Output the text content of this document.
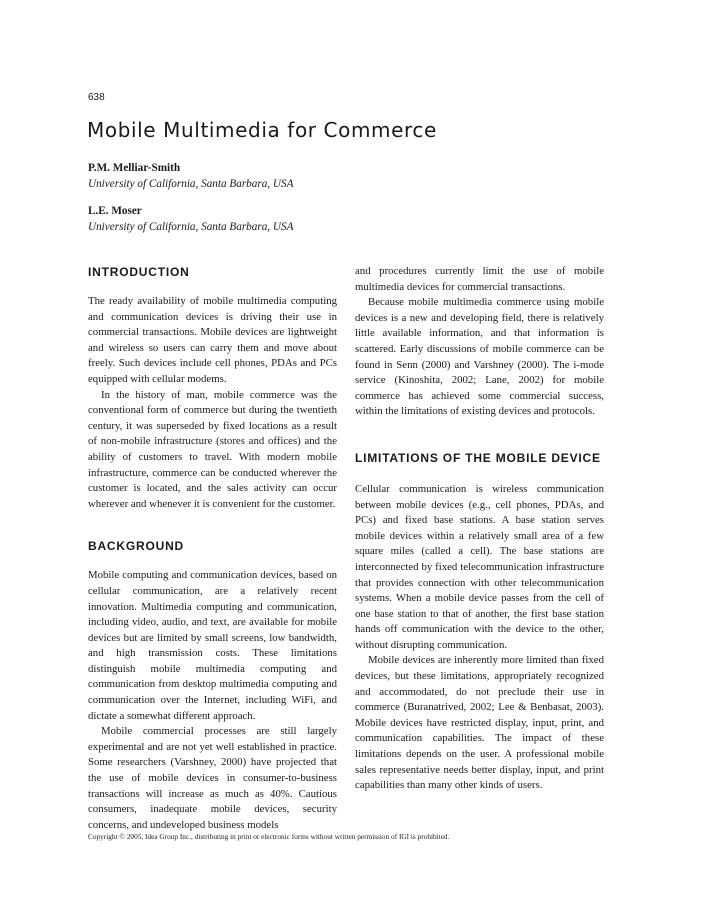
638
Mobile Multimedia for Commerce
P.M. Melliar-Smith
University of California, Santa Barbara, USA
L.E. Moser
University of California, Santa Barbara, USA
INTRODUCTION

The ready availability of mobile multimedia computing and communication devices is driving their use in commercial transactions. Mobile devices are lightweight and wireless so users can carry them and move about freely. Such devices include cell phones, PDAs and PCs equipped with cellular modems.

In the history of man, mobile commerce was the conventional form of commerce but during the twentieth century, it was superseded by fixed locations as a result of non-mobile infrastructure (stores and offices) and the ability of customers to travel. With modern mobile infrastructure, commerce can be conducted wherever the customer is located, and the sales activity can occur wherever and whenever it is convenient for the customer.

BACKGROUND

Mobile computing and communication devices, based on cellular communication, are a relatively recent innovation. Multimedia computing and communication, including video, audio, and text, are available for mobile devices but are limited by small screens, low bandwidth, and high transmission costs. These limitations distinguish mobile multimedia computing and communication from desktop multimedia computing and communication over the Internet, including WiFi, and dictate a somewhat different approach.

Mobile commercial processes are still largely experimental and are not yet well established in practice. Some researchers (Varshney, 2000) have projected that the use of mobile devices in consumer-to-business transactions will increase as much as 40%. Cautious consumers, inadequate mobile devices, security concerns, and undeveloped business models

and procedures currently limit the use of mobile multimedia devices for commercial transactions.

Because mobile multimedia commerce using mobile devices is a new and developing field, there is relatively little available information, and that information is scattered. Early discussions of mobile commerce can be found in Senn (2000) and Varshney (2000). The i-mode service (Kinoshita, 2002; Lane, 2002) for mobile commerce has achieved some commercial success, within the limitations of existing devices and protocols.

LIMITATIONS OF THE MOBILE DEVICE

Cellular communication is wireless communication between mobile devices (e.g., cell phones, PDAs, and PCs) and fixed base stations. A base station serves mobile devices within a relatively small area of a few square miles (called a cell). The base stations are interconnected by fixed telecommunication infrastructure that provides connection with other telecommunication systems. When a mobile device passes from the cell of one base station to that of another, the first base station hands off communication with the device to the other, without disrupting communication.

Mobile devices are inherently more limited than fixed devices, but these limitations, appropriately recognized and accommodated, do not preclude their use in commerce (Buranatrived, 2002; Lee & Benbasat, 2003). Mobile devices have restricted display, input, print, and communication capabilities. The impact of these limitations depends on the user. A professional mobile sales representative needs better display, input, and print capabilities than many other kinds of users.

Copyright © 2005, Idea Group Inc., distributing in print or electronic forms without written permission of IGI is prohibited.
